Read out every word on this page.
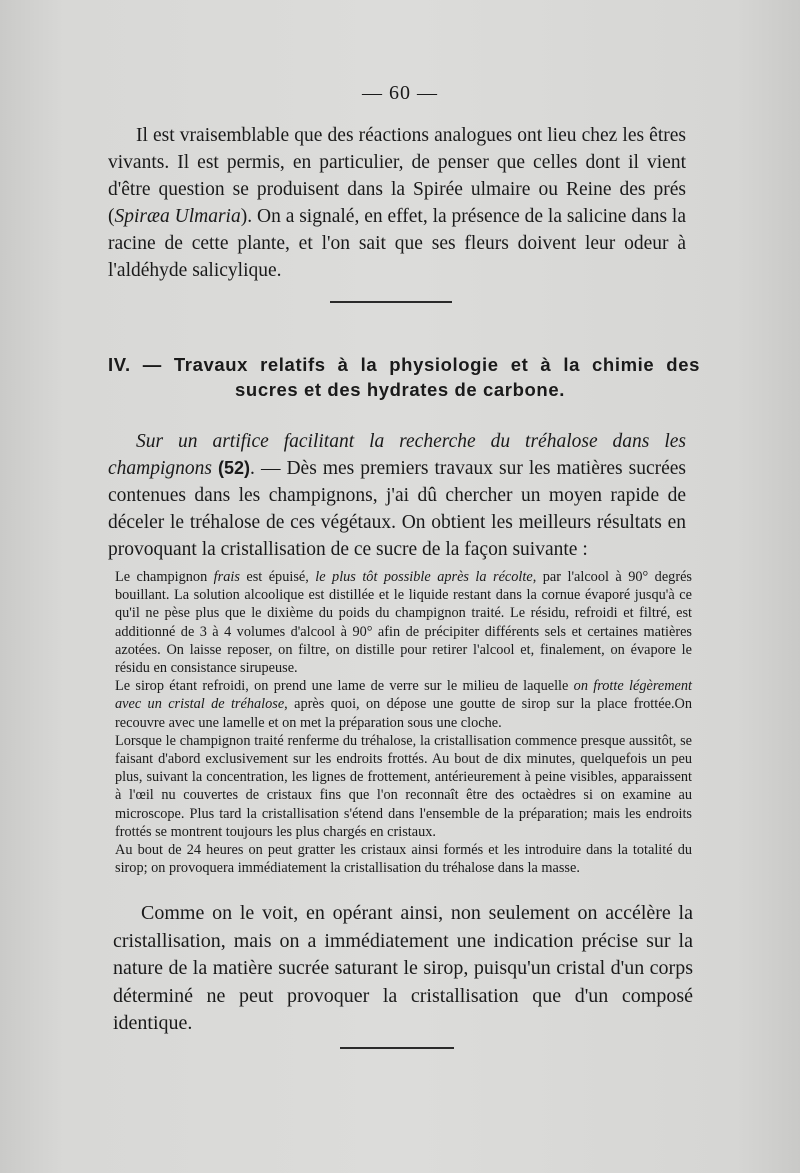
— 60 —

Il est vraisemblable que des réactions analogues ont lieu chez les êtres vivants. Il est permis, en particulier, de penser que celles dont il vient d'être question se produisent dans la Spirée ulmaire ou Reine des prés (Spiræa Ulmaria). On a signalé, en effet, la présence de la salicine dans la racine de cette plante, et l'on sait que ses fleurs doivent leur odeur à l'aldéhyde salicylique.

IV. — Travaux relatifs à la physiologie et à la chimie des
sucres et des hydrates de carbone.

Sur un artifice facilitant la recherche du tréhalose dans les champignons (52). — Dès mes premiers travaux sur les matières sucrées contenues dans les champignons, j'ai dû chercher un moyen rapide de déceler le tréhalose de ces végétaux. On obtient les meilleurs résultats en provoquant la cristallisation de ce sucre de la façon suivante :

Le champignon frais est épuisé, le plus tôt possible après la récolte, par l'alcool à 90° degrés bouillant. La solution alcoolique est distillée et le liquide restant dans la cornue évaporé jusqu'à ce qu'il ne pèse plus que le dixième du poids du champignon traité. Le résidu, refroidi et filtré, est additionné de 3 à 4 volumes d'alcool à 90° afin de précipiter différents sels et certaines matières azotées. On laisse reposer, on filtre, on distille pour retirer l'alcool et, finalement, on évapore le résidu en consistance sirupeuse.

Le sirop étant refroidi, on prend une lame de verre sur le milieu de laquelle on frotte légèrement avec un cristal de tréhalose, après quoi, on dépose une goutte de sirop sur la place frottée.On recouvre avec une lamelle et on met la préparation sous une cloche.

Lorsque le champignon traité renferme du tréhalose, la cristallisation commence presque aussitôt, se faisant d'abord exclusivement sur les endroits frottés. Au bout de dix minutes, quelquefois un peu plus, suivant la concentration, les lignes de frottement, antérieurement à peine visibles, apparaissent à l'œil nu couvertes de cristaux fins que l'on reconnaît être des octaèdres si on examine au microscope. Plus tard la cristallisation s'étend dans l'ensemble de la préparation; mais les endroits frottés se montrent toujours les plus chargés en cristaux.

Au bout de 24 heures on peut gratter les cristaux ainsi formés et les introduire dans la totalité du sirop; on provoquera immédiatement la cristallisation du tréhalose dans la masse.

Comme on le voit, en opérant ainsi, non seulement on accélère la cristallisation, mais on a immédiatement une indication précise sur la nature de la matière sucrée saturant le sirop, puisqu'un cristal d'un corps déterminé ne peut provoquer la cristallisation que d'un composé identique.
